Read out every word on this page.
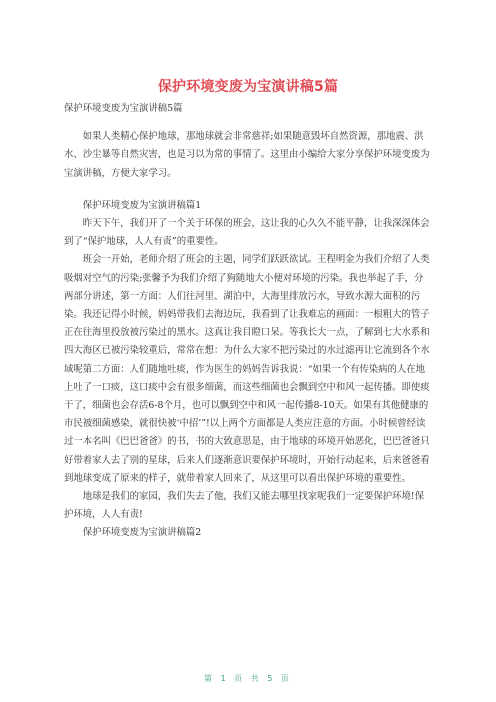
保护环境变废为宝演讲稿5篇

保护环境变废为宝演讲稿5篇

如果人类精心保护地球，那地球就会非常慈祥;如果随意毁坏自然资源，那地震、洪水、沙尘暴等自然灾害，也是习以为常的事情了。这里由小编给大家分享保护环境变废为宝演讲稿，方便大家学习。

保护环境变废为宝演讲稿篇1

昨天下午，我们开了一个关于环保的班会，这让我的心久久不能平静，让我深深体会到了“保护地球，人人有责”的重要性。

班会一开始，老师介绍了班会的主题，同学们跃跃欲试。王程明金为我们介绍了人类吸烟对空气的污染;张馨予为我们介绍了狗随地大小便对环境的污染。我也举起了手，分两部分讲述，第一方面：人们往河里、湖泊中，大海里排放污水，导致水源大面积的污染。我还记得小时候，妈妈带我们去海边玩，我看到了让我难忘的画面：一根粗大的管子正在往海里投放被污染过的黑水。这真让我目瞪口呆。等我长大一点，了解到七大水系和四大海区已被污染较重后，常常在想：为什么大家不把污染过的水过滤再让它流到各个水域呢第二方面：人们随地吐痰，作为医生的妈妈告诉我说：“如果一个有传染病的人在地上吐了一口痰，这口痰中会有很多细菌，而这些细菌也会飘到空中和风一起传播。即使痰干了，细菌也会存活6-8个月，也可以飘到空中和风一起传播8-10天。如果有其他健康的市民被细菌感染，就很快被‘中招’”!以上两个方面都是人类应注意的方面。小时候曾经读过一本名叫《巴巴爸爸》的书，书的大致意思是，由于地球的环境开始恶化，巴巴爸爸只好带着家人去了别的星球，后来人们逐渐意识要保护环境时，开始行动起来，后来爸爸看到地球变成了原来的样子，就带着家人回来了，从这里可以看出保护环境的重要性。

地球是我们的家园，我们失去了他，我们又能去哪里找家呢我们一定要保护环境!保护环境，人人有责!

保护环境变废为宝演讲稿篇2

第 1 页 共 5 页
